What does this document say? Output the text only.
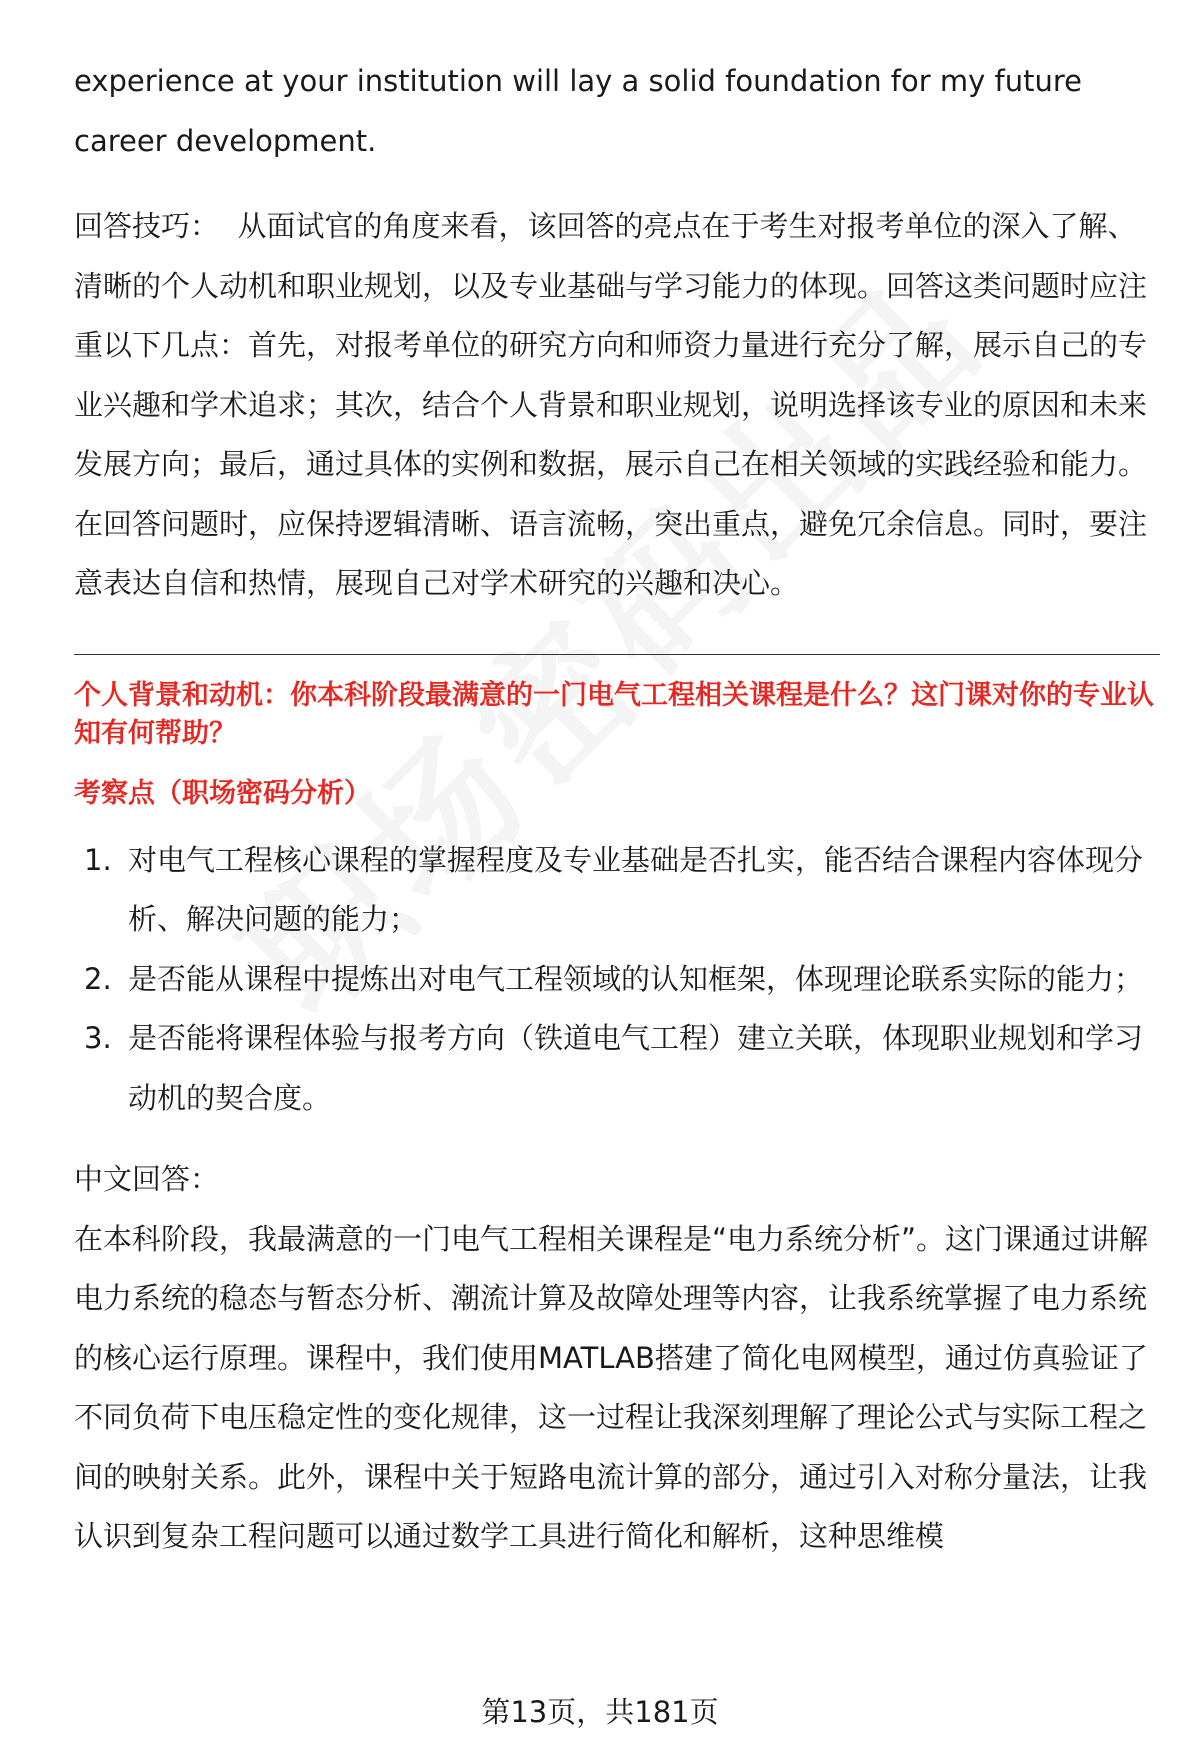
experience at your institution will lay a solid foundation for my future career development.

回答技巧： 从面试官的角度来看，该回答的亮点在于考生对报考单位的深入了解、清晰的个人动机和职业规划，以及专业基础与学习能力的体现。回答这类问题时应注重以下几点：首先，对报考单位的研究方向和师资力量进行充分了解，展示自己的专业兴趣和学术追求；其次，结合个人背景和职业规划，说明选择该专业的原因和未来发展方向；最后，通过具体的实例和数据，展示自己在相关领域的实践经验和能力。在回答问题时，应保持逻辑清晰、语言流畅，突出重点，避免冗余信息。同时，要注意表达自信和热情，展现自己对学术研究的兴趣和决心。

个人背景和动机：你本科阶段最满意的一门电气工程相关课程是什么？这门课对你的专业认知有何帮助？

考察点（职场密码分析）

1. 对电气工程核心课程的掌握程度及专业基础是否扎实，能否结合课程内容体现分析、解决问题的能力；
2. 是否能从课程中提炼出对电气工程领域的认知框架，体现理论联系实际的能力；
3. 是否能将课程体验与报考方向（铁道电气工程）建立关联，体现职业规划和学习动机的契合度。

中文回答：

在本科阶段，我最满意的一门电气工程相关课程是“电力系统分析”。这门课通过讲解电力系统的稳态与暂态分析、潮流计算及故障处理等内容，让我系统掌握了电力系统的核心运行原理。课程中，我们使用MATLAB搭建了简化电网模型，通过仿真验证了不同负荷下电压稳定性的变化规律，这一过程让我深刻理解了理论公式与实际工程之间的映射关系。此外，课程中关于短路电流计算的部分，通过引入对称分量法，让我认识到复杂工程问题可以通过数学工具进行简化和解析，这种思维模

第13页，共181页
